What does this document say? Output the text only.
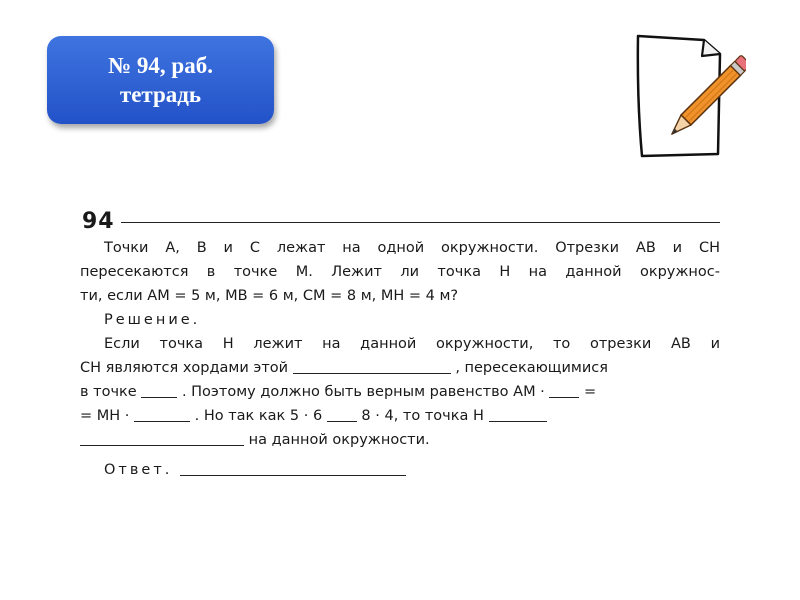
№ 94, раб.
тетрадь
94
Точки A, B и C лежат на одной окружности. Отрезки AB и CH
пересекаются в точке M. Лежит ли точка H на данной окружнос-
ти, если AM = 5 м, MB = 6 м, CM = 8 м, MH = 4 м?
Решение.
Если точка H лежит на данной окружности, то отрезки AB и
CH являются хордами этой	, пересекающимися
в точке	. Поэтому должно быть верным равенство AM ·	=
= MH ·	. Но так как 5 · 6	8 · 4, то точка H
на данной окружности.
Ответ.
